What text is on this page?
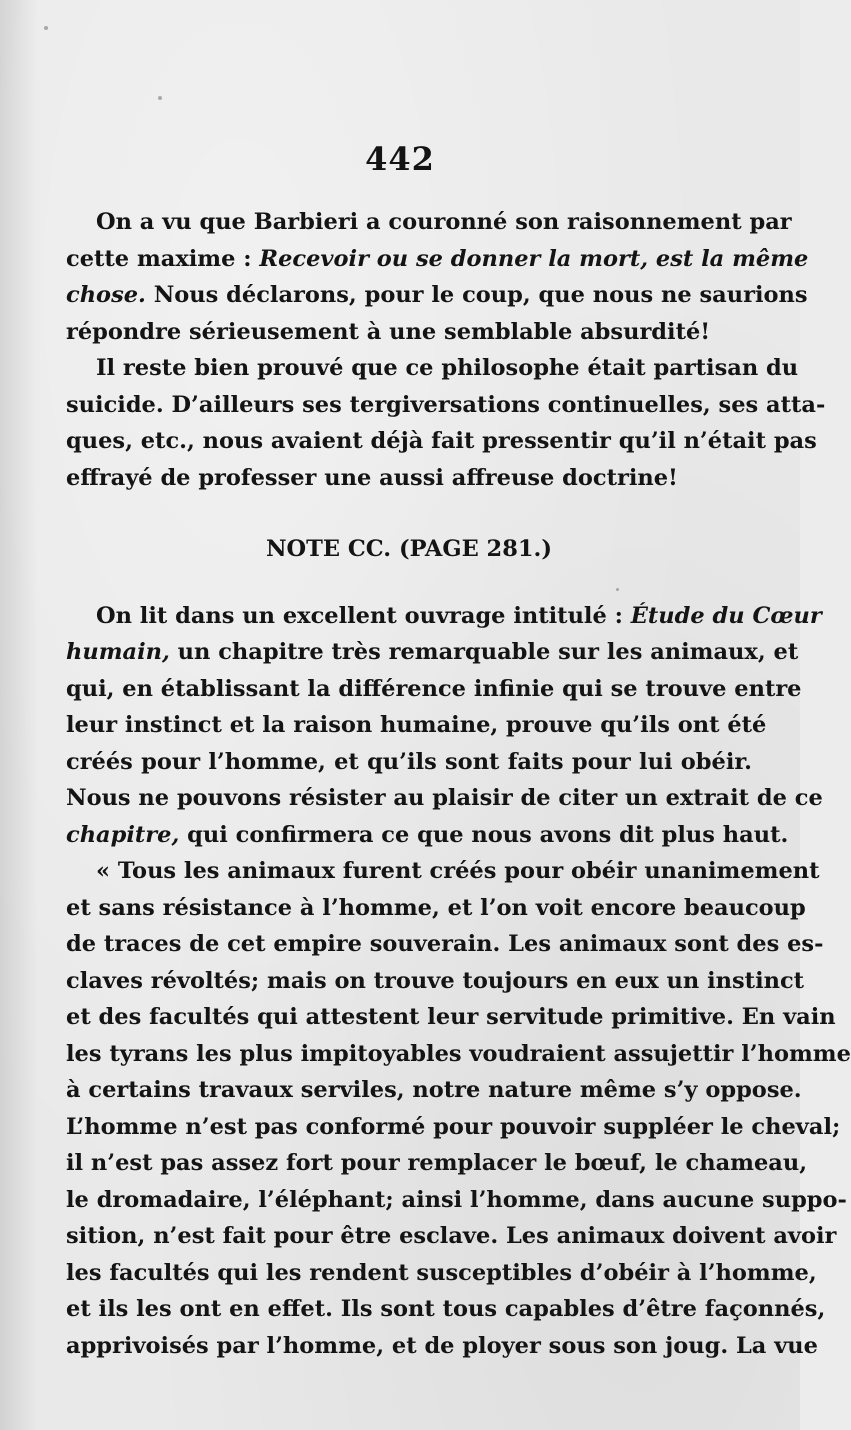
442
On a vu que Barbieri a couronné son raisonnement par
cette maxime : Recevoir ou se donner la mort, est la même
chose. Nous déclarons, pour le coup, que nous ne saurions
répondre sérieusement à une semblable absurdité!
Il reste bien prouvé que ce philosophe était partisan du
suicide. D’ailleurs ses tergiversations continuelles, ses atta-
ques, etc., nous avaient déjà fait pressentir qu’il n’était pas
effrayé de professer une aussi affreuse doctrine!
NOTE CC. (PAGE 281.)
On lit dans un excellent ouvrage intitulé : Étude du Cœur
humain, un chapitre très remarquable sur les animaux, et
qui, en établissant la différence infinie qui se trouve entre
leur instinct et la raison humaine, prouve qu’ils ont été
créés pour l’homme, et qu’ils sont faits pour lui obéir.
Nous ne pouvons résister au plaisir de citer un extrait de ce
chapitre, qui confirmera ce que nous avons dit plus haut.
« Tous les animaux furent créés pour obéir unanimement
et sans résistance à l’homme, et l’on voit encore beaucoup
de traces de cet empire souverain. Les animaux sont des es-
claves révoltés; mais on trouve toujours en eux un instinct
et des facultés qui attestent leur servitude primitive. En vain
les tyrans les plus impitoyables voudraient assujettir l’homme
à certains travaux serviles, notre nature même s’y oppose.
L’homme n’est pas conformé pour pouvoir suppléer le cheval;
il n’est pas assez fort pour remplacer le bœuf, le chameau,
le dromadaire, l’éléphant; ainsi l’homme, dans aucune suppo-
sition, n’est fait pour être esclave. Les animaux doivent avoir
les facultés qui les rendent susceptibles d’obéir à l’homme,
et ils les ont en effet. Ils sont tous capables d’être façonnés,
apprivoisés par l’homme, et de ployer sous son joug. La vue
